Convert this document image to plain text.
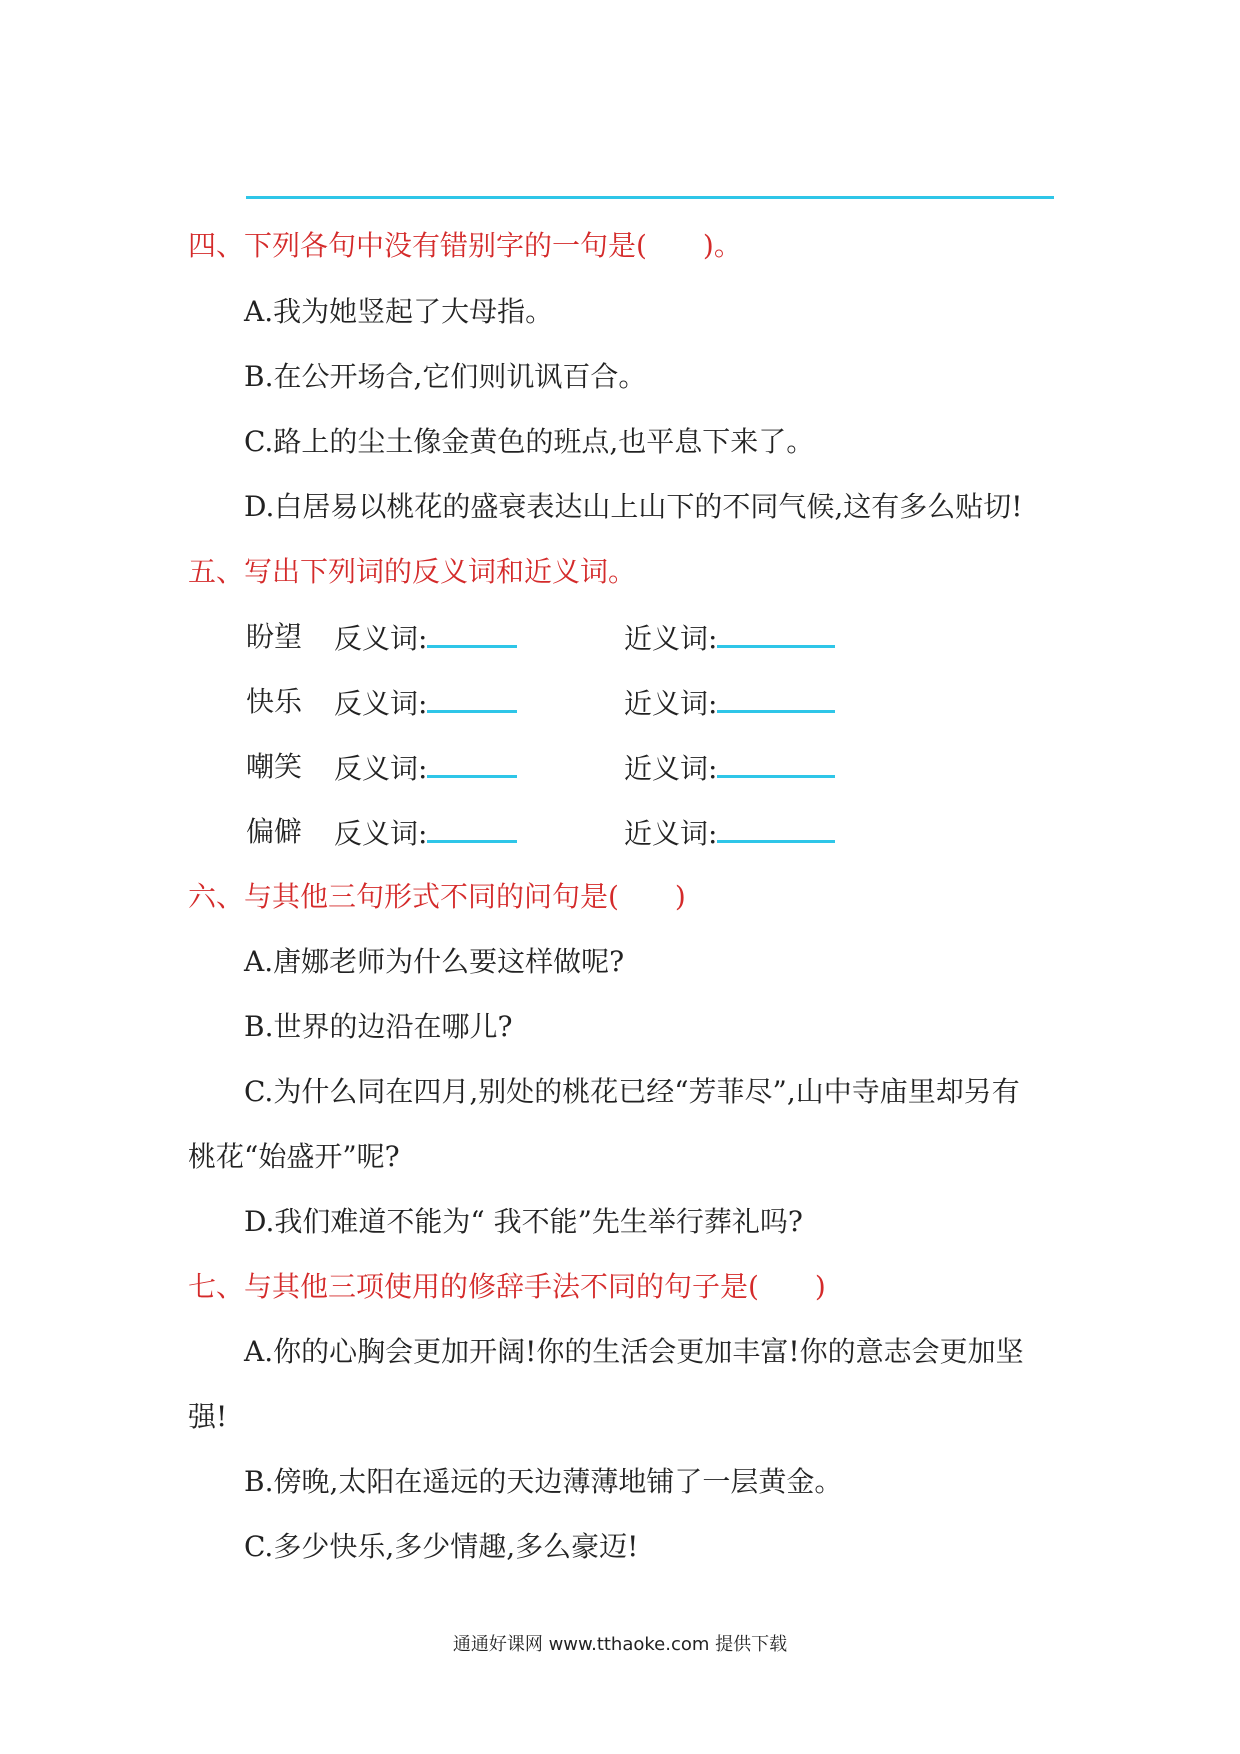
四、下列各句中没有错别字的一句是(　　)。
A.我为她竖起了大母指。
B.在公开场合,它们则讥讽百合。
C.路上的尘土像金黄色的班点,也平息下来了。
D.白居易以桃花的盛衰表达山上山下的不同气候,这有多么贴切!
五、写出下列词的反义词和近义词。
盼望 反义词:	近义词:
快乐 反义词:	近义词:
嘲笑 反义词:	近义词:
偏僻 反义词:	近义词:
六、与其他三句形式不同的问句是(　　)
A.唐娜老师为什么要这样做呢?
B.世界的边沿在哪儿?
C.为什么同在四月,别处的桃花已经“芳菲尽”,山中寺庙里却另有
桃花“始盛开”呢?
D.我们难道不能为“ 我不能”先生举行葬礼吗?
七、与其他三项使用的修辞手法不同的句子是(　　)
A.你的心胸会更加开阔!你的生活会更加丰富!你的意志会更加坚
强!
B.傍晚,太阳在遥远的天边薄薄地铺了一层黄金。
C.多少快乐,多少情趣,多么豪迈!
通通好课网 www.tthaoke.com 提供下载
